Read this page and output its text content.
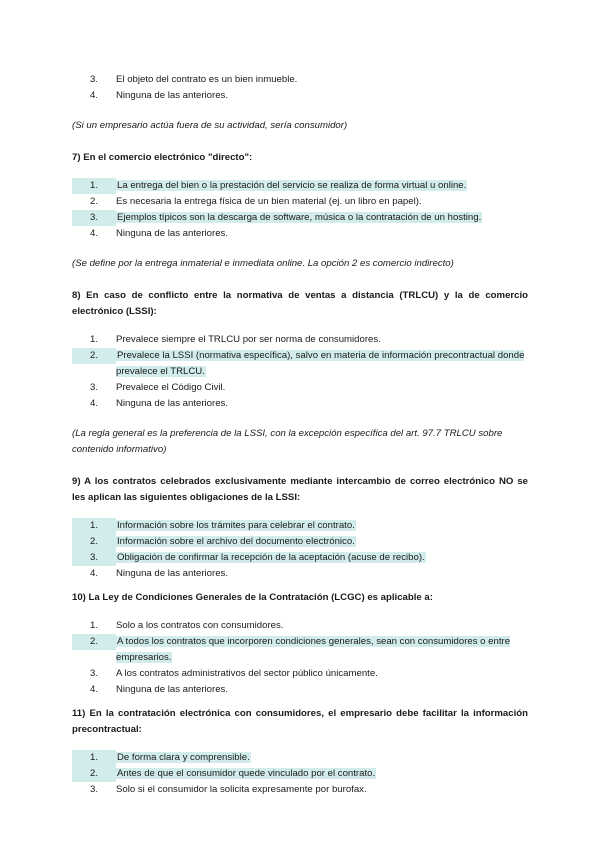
3.	El objeto del contrato es un bien inmueble.
4.	Ninguna de las anteriores.

(Si un empresario actúa fuera de su actividad, sería consumidor)

7) En el comercio electrónico "directo":

1.	La entrega del bien o la prestación del servicio se realiza de forma virtual u online.
2.	Es necesaria la entrega física de un bien material (ej. un libro en papel).
3.	Ejemplos típicos son la descarga de software, música o la contratación de un hosting.
4.	Ninguna de las anteriores.

(Se define por la entrega inmaterial e inmediata online. La opción 2 es comercio indirecto)

8) En caso de conflicto entre la normativa de ventas a distancia (TRLCU) y la de comercio electrónico (LSSI):

1.	Prevalece siempre el TRLCU por ser norma de consumidores.
2.	Prevalece la LSSI (normativa específica), salvo en materia de información precontractual donde prevalece el TRLCU.
3.	Prevalece el Código Civil.
4.	Ninguna de las anteriores.

(La regla general es la preferencia de la LSSI, con la excepción específica del art. 97.7 TRLCU sobre contenido informativo)

9) A los contratos celebrados exclusivamente mediante intercambio de correo electrónico NO se les aplican las siguientes obligaciones de la LSSI:

1.	Información sobre los trámites para celebrar el contrato.
2.	Información sobre el archivo del documento electrónico.
3.	Obligación de confirmar la recepción de la aceptación (acuse de recibo).
4.	Ninguna de las anteriores.

10) La Ley de Condiciones Generales de la Contratación (LCGC) es aplicable a:

1.	Solo a los contratos con consumidores.
2.	A todos los contratos que incorporen condiciones generales, sean con consumidores o entre empresarios.
3.	A los contratos administrativos del sector público únicamente.
4.	Ninguna de las anteriores.

11) En la contratación electrónica con consumidores, el empresario debe facilitar la información precontractual:

1.	De forma clara y comprensible.
2.	Antes de que el consumidor quede vinculado por el contrato.
3.	Solo si el consumidor la solicita expresamente por burofax.
